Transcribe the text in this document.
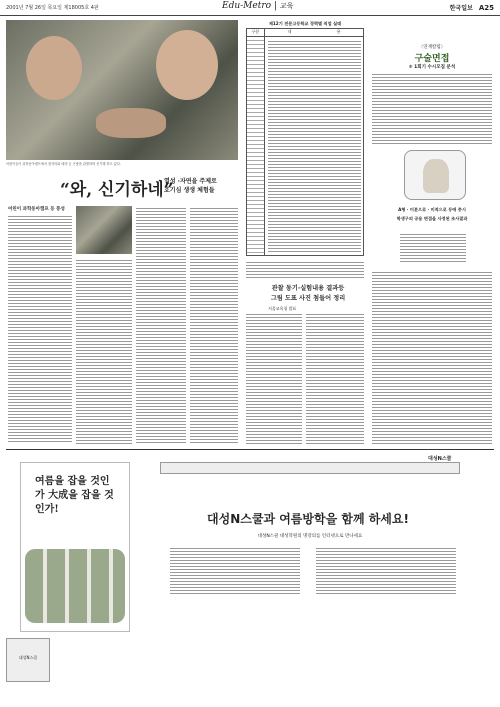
2001년 7월 26일 목요일 제18005호 4판	Edu-Metro | 교육	한국일보 A25
어린이들이 과학동아캠프에서 잠자리와 매미 등 곤충을 관찰하며 신기해 하고 있다.
“와, 신기하네”
열성 ·자연을 주제로
호기심 생생 체험들
어린이 과학동아캠프 등 풍성
제12기 전문고등학교 경력별 직업 실태
구분	내	용
관찰 동기·실험내용 결과등
그림 도표 사진 첨들어 정리
서울교육청 발표
〈연재칼럼〉
구술면접
⑤ 1회기 수시모집 분석
A형 · 미분으로 · 미적으로 등에 중시
학생구의 공용 면접을 사정된 조사결과
여름을 잡을 것인가 大成을 잡을 것인가!
대성N스쿨과 여름방학을 함께 하세요!
대성N스쿨 대성학원의 명강의를 인터넷으로 만나세요
대성N스쿨
대성N스쿨
